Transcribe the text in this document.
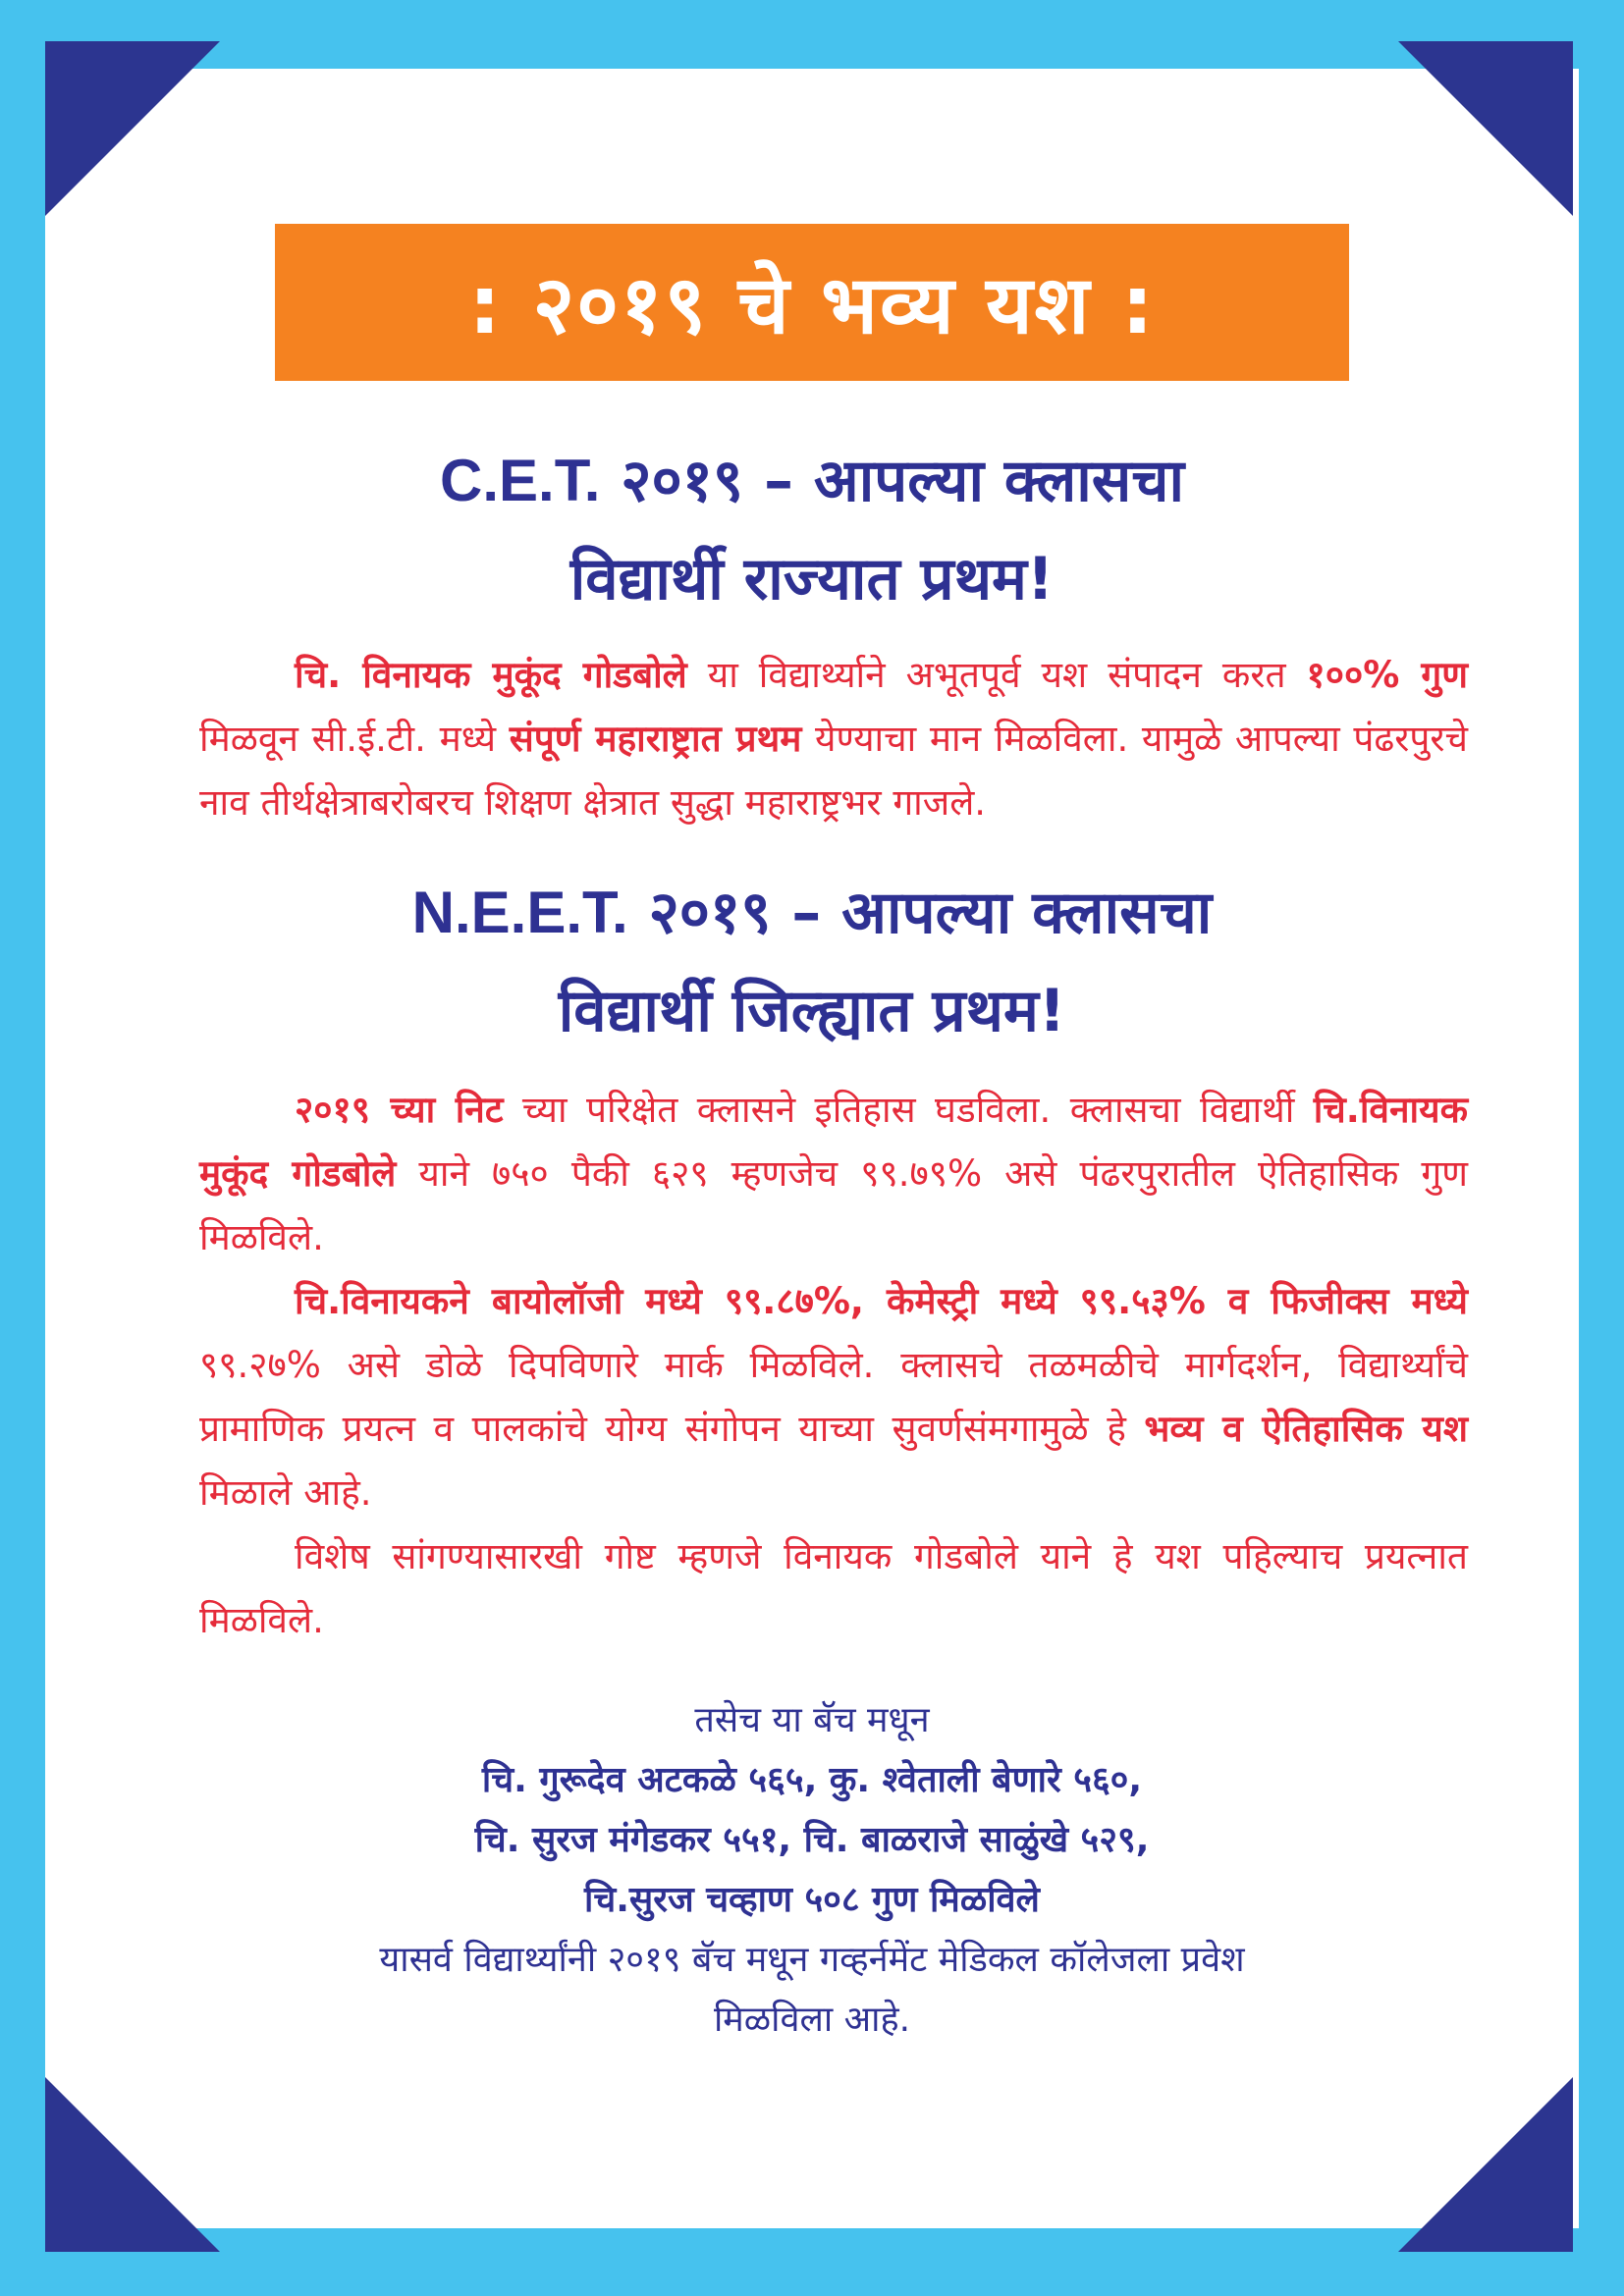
: २०१९ चे भव्य यश :
C.E.T. २०१९ – आपल्या क्लासचा
विद्यार्थी राज्यात प्रथम!

चि. विनायक मुकूंद गोडबोले या विद्यार्थ्याने अभूतपूर्व यश संपादन करत १००% गुण मिळवून सी.ई.टी. मध्ये संपूर्ण महाराष्ट्रात प्रथम येण्याचा मान मिळविला. यामुळे आपल्या पंढरपुरचे नाव तीर्थक्षेत्राबरोबरच शिक्षण क्षेत्रात सुद्धा महाराष्ट्रभर गाजले.

N.E.E.T. २०१९ – आपल्या क्लासचा
विद्यार्थी जिल्ह्यात प्रथम!

२०१९ च्या निट च्या परिक्षेत क्लासने इतिहास घडविला. क्लासचा विद्यार्थी चि.विनायक मुकूंद गोडबोले याने ७५० पैकी ६२९ म्हणजेच ९९.७९% असे पंढरपुरातील ऐतिहासिक गुण मिळविले.

चि.विनायकने बायोलॉजी मध्ये ९९.८७%, केमेस्ट्री मध्ये ९९.५३% व फिजीक्स मध्ये ९९.२७% असे डोळे दिपविणारे मार्क मिळविले. क्लासचे तळमळीचे मार्गदर्शन, विद्यार्थ्यांचे प्रामाणिक प्रयत्न व पालकांचे योग्य संगोपन याच्या सुवर्णसंमगामुळे हे भव्य व ऐतिहासिक यश मिळाले आहे.

विशेष सांगण्यासारखी गोष्ट म्हणजे विनायक गोडबोले याने हे यश पहिल्याच प्रयत्नात मिळविले.

तसेच या बॅच मधून
चि. गुरूदेव अटकळे ५६५, कु. श्वेताली बेणारे ५६०,
चि. सुरज मंगेडकर ५५१, चि. बाळराजे साळुंखे ५२९,
चि.सुरज चव्हाण ५०८ गुण मिळविले
यासर्व विद्यार्थ्यांनी २०१९ बॅच मधून गव्हर्नमेंट मेडिकल कॉलेजला प्रवेश
मिळविला आहे.
